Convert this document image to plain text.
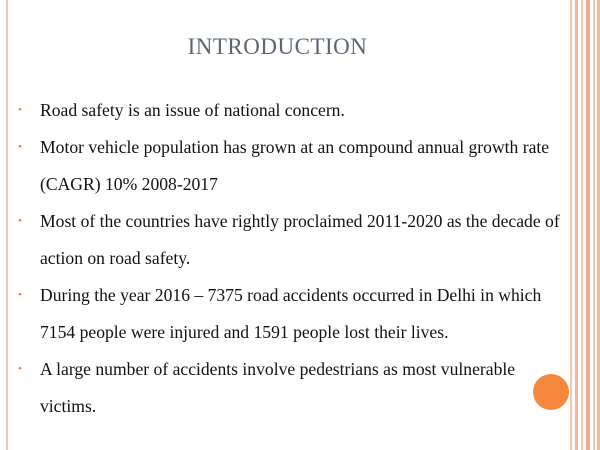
INTRODUCTION
• Road safety is an issue of national concern.
• Motor vehicle population has grown at an compound annual growth rate (CAGR) 10% 2008-2017
• Most of the countries have rightly proclaimed 2011-2020 as the decade of action on road safety.
• During the year 2016 – 7375 road accidents occurred in Delhi in which 7154 people were injured and 1591 people lost their lives.
• A large number of accidents involve pedestrians as most vulnerable victims.
